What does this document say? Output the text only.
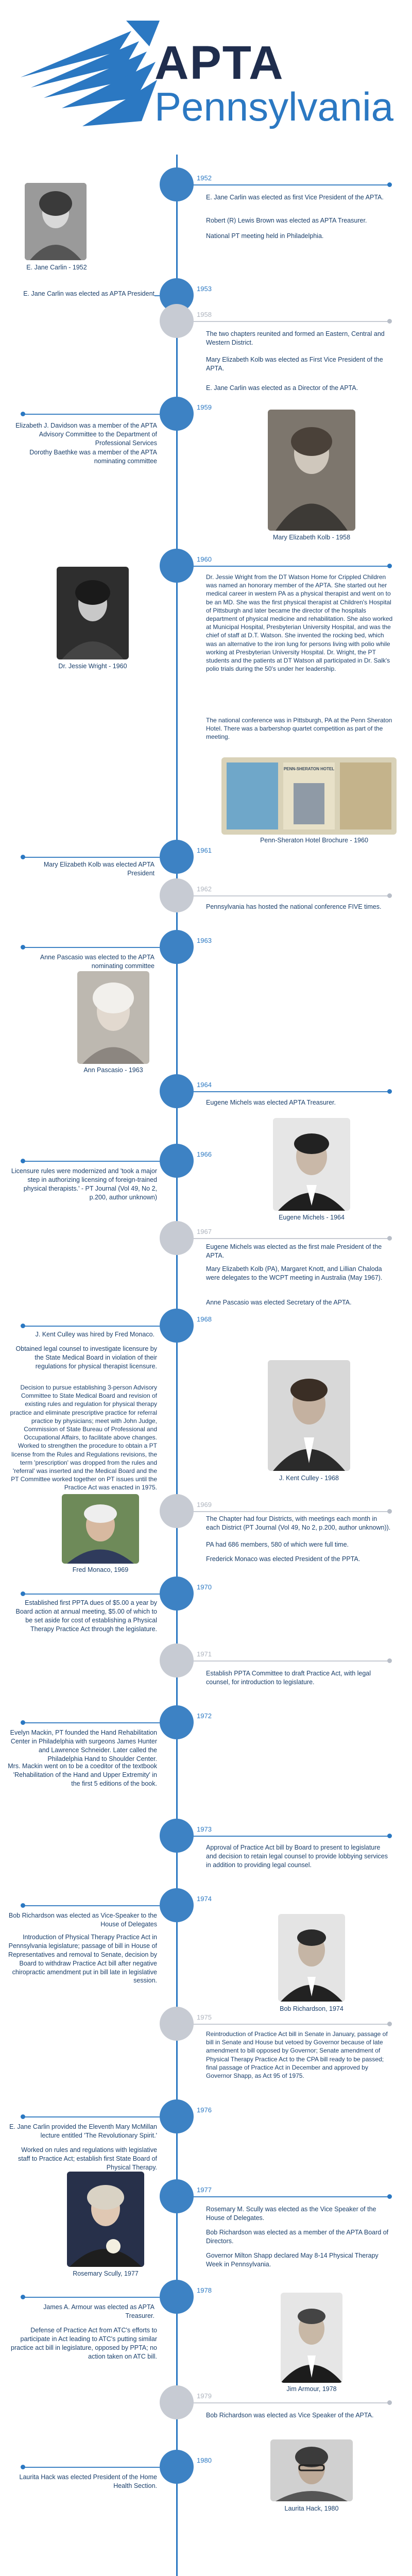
APTA
Pennsylvania
1952
E. Jane Carlin was elected as first Vice President of the APTA.
Robert (R) Lewis Brown was elected as APTA Treasurer.
National PT meeting held in Philadelphia.
E. Jane Carlin - 1952
1953
E. Jane Carlin was elected as APTA President
1958
The two chapters reunited and formed an Eastern, Central and Western District.
Mary Elizabeth Kolb was elected as First Vice President of the APTA.
E. Jane Carlin was elected as a Director of the APTA.
1959
Elizabeth J. Davidson was a member of the APTA Advisory Committee to the Department of Professional Services
Dorothy Baethke was a member of the APTA nominating committee
Mary Elizabeth Kolb - 1958
1960
Dr. Jessie Wright from the DT Watson Home for Crippled Children was named an honorary member of the APTA. She started out her medical career in western PA as a physical therapist and went on to be an MD. She was the first physical therapist at Children's Hospital of Pittsburgh and later became the director of the hospitals department of physical medicine and rehabilitation. She also worked at Municipal Hospital, Presbyterian University Hospital, and was the chief of staff at D.T. Watson. She invented the rocking bed, which was an alternative to the iron lung for persons living with polio while working at Presbyterian University Hospital. Dr. Wright, the PT students and the patients at DT Watson all participated in Dr. Salk's polio trials during the 50's under her leadership.
The national conference was in Pittsburgh, PA at the Penn Sheraton Hotel. There was a barbershop quartet competition as part of the meeting.
Dr. Jessie Wright - 1960
PENN-SHERATON HOTEL
Penn-Sheraton Hotel Brochure - 1960
1961
Mary Elizabeth Kolb was elected APTA President
1962
Pennsylvania has hosted the national conference FIVE times.
1963
Anne Pascasio was elected to the APTA nominating committee
Ann Pascasio - 1963
1964
Eugene Michels was elected APTA Treasurer.
1966
Licensure rules were modernized and 'took a major step in authorizing licensing of foreign-trained physical therapists.' - PT Journal (Vol 49, No 2, p.200, author unknown)
Eugene Michels - 1964
1967
Eugene Michels was elected as the first male President of the APTA.
Mary Elizabeth Kolb (PA), Margaret Knott, and Lillian Chaloda were delegates to the WCPT meeting in Australia (May 1967).
Anne Pascasio was elected Secretary of the APTA.
1968
J. Kent Culley was hired by Fred Monaco.
Obtained legal counsel to investigate licensure by the State Medical Board in violation of their regulations for physical therapist licensure.
Decision to pursue establishing 3-person Advisory Committee to State Medical Board and revision of existing rules and regulation for physical therapy practice and eliminate prescriptive practice for referral practice by physicians; meet with John Judge, Commission of State Bureau of Professional and Occupational Affairs, to facilitate above changes. Worked to strengthen the procedure to obtain a PT license from the Rules and Regulations revisions, the term 'prescription' was dropped from the rules and 'referral' was inserted and the Medical Board and the PT Committee worked together on PT issues until the Practice Act was enacted in 1975.
J. Kent Culley - 1968
1969
The Chapter had four Districts, with meetings each month in each District (PT Journal (Vol 49, No 2, p.200, author unknown)).
PA had 686 members, 580 of which were full time.
Frederick Monaco was elected President of the PPTA.
Fred Monaco, 1969
1970
Established first PPTA dues of $5.00 a year by Board action at annual meeting, $5.00 of which to be set aside for cost of establishing a Physical Therapy Practice Act through the legislature.
1971
Establish PPTA Committee to draft Practice Act, with legal counsel, for introduction to legislature.
1972
Evelyn Mackin, PT founded the Hand Rehabilitation Center in Philadelphia with surgeons James Hunter and Lawrence Schneider. Later called the Philadelphia Hand to Shoulder Center.
Mrs. Mackin went on to be a coeditor of the textbook 'Rehabilitation of the Hand and Upper Extremity' in the first 5 editions of the book.
1973
Approval of Practice Act bill by Board to present to legislature and decision to retain legal counsel to provide lobbying services in addition to providing legal counsel.
1974
Bob Richardson was elected as Vice-Speaker to the House of Delegates
Introduction of Physical Therapy Practice Act in Pennsylvania legislature; passage of bill in House of Representatives and removal to Senate, decision by Board to withdraw Practice Act bill after negative chiropractic amendment put in bill late in legislative session.
Bob Richardson, 1974
1975
Reintroduction of Practice Act bill in Senate in January, passage of bill in Senate and House but vetoed by Governor because of late amendment to bill opposed by Governor; Senate amendment of Physical Therapy Practice Act to the CPA bill ready to be passed; final passage of Practice Act in December and approved by Governor Shapp, as Act 95 of 1975.
1976
E. Jane Carlin provided the Eleventh Mary McMillan lecture entitled 'The Revolutionary Spirit.'
Worked on rules and regulations with legislative staff to Practice Act; establish first State Board of Physical Therapy.
1977
Rosemary M. Scully was elected as the Vice Speaker of the House of Delegates.
Bob Richardson was elected as a member of the APTA Board of Directors.
Governor Milton Shapp declared May 8-14 Physical Therapy Week in Pennsylvania.
Rosemary Scully, 1977
1978
James A. Armour was elected as APTA Treasurer.
Defense of Practice Act from ATC's efforts to participate in Act leading to ATC's putting similar practice act bill in legislature, opposed by PPTA; no action taken on ATC bill.
Jim Armour, 1978
1979
Bob Richardson was elected as Vice Speaker of the APTA.
1980
Laurita Hack was elected President of the Home Health Section.
Laurita Hack, 1980
